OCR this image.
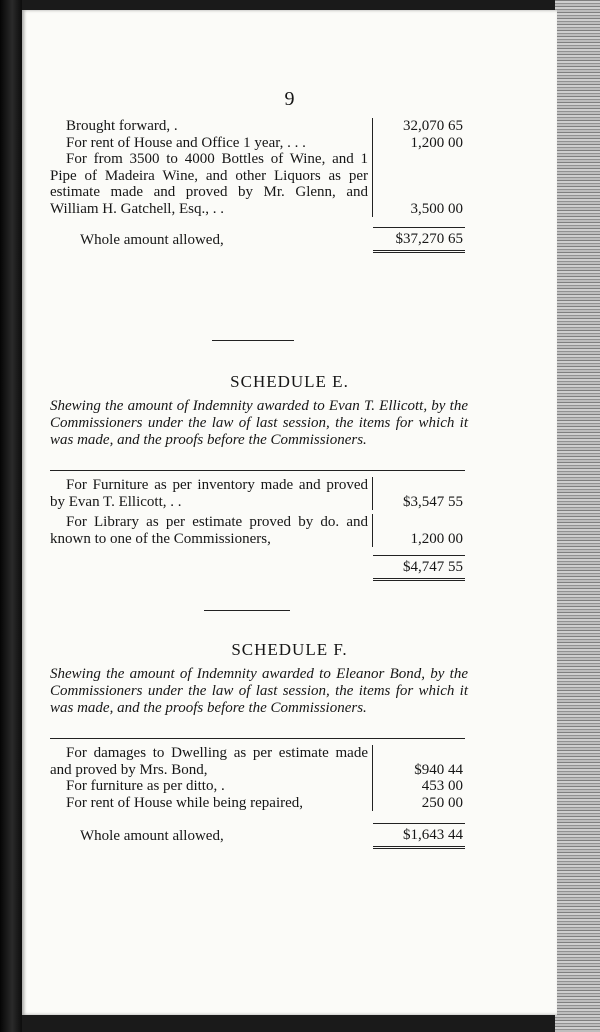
9
Brought forward, .	32,070 65
For rent of House and Office 1 year, . . .	1,200 00
For from 3500 to 4000 Bottles of Wine, and 1 Pipe of Madeira Wine, and other Liquors as per estimate made and proved by Mr. Glenn, and William H. Gatchell, Esq., . .	3,500 00
Whole amount allowed,	$37,270 65
SCHEDULE E.
Shewing the amount of Indemnity awarded to Evan T. Ellicott, by the Commissioners under the law of last session, the items for which it was made, and the proofs before the Commissioners.
For Furniture as per inventory made and proved by Evan T. Ellicott, . .	$3,547 55
For Library as per estimate proved by do. and known to one of the Commissioners,	1,200 00
$4,747 55
SCHEDULE F.
Shewing the amount of Indemnity awarded to Eleanor Bond, by the Commissioners under the law of last session, the items for which it was made, and the proofs before the Commissioners.
For damages to Dwelling as per estimate made and proved by Mrs. Bond,	$940 44
For furniture as per ditto, .	453 00
For rent of House while being repaired,	250 00
Whole amount allowed,	$1,643 44
